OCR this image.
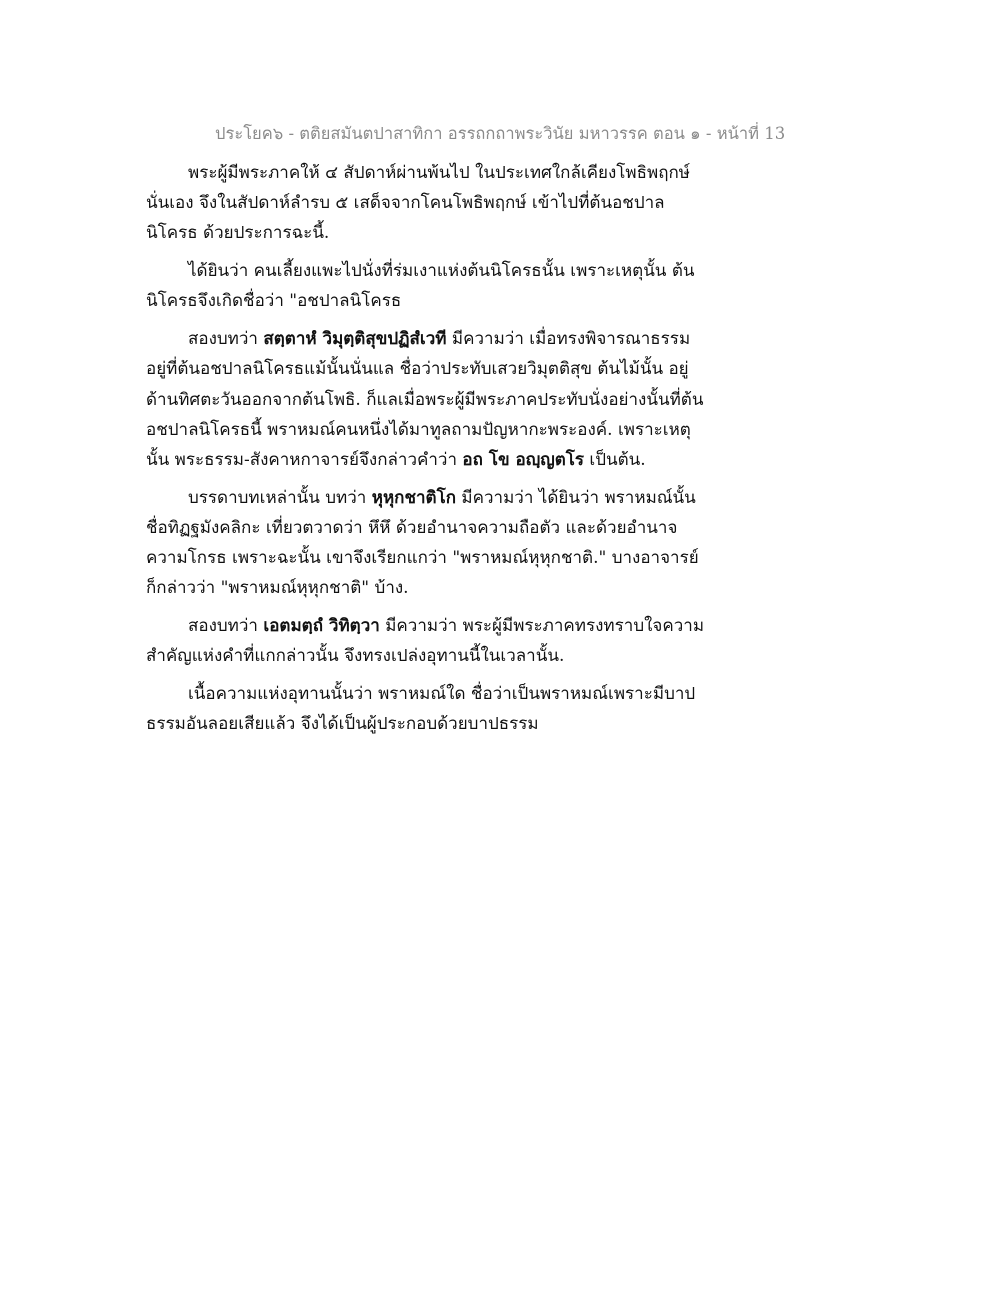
ประโยค๖ - ตติยสมันตปาสาทิกา อรรถกถาพระวินัย มหาวรรค ตอน ๑ - หน้าที่ 13

พระผู้มีพระภาคให้ ๔ สัปดาห์ผ่านพ้นไป ในประเทศใกล้เคียงโพธิพฤกษ์นั่นเอง จึงในสัปดาห์ลำรบ ๕ เสด็จจากโคนโพธิพฤกษ์ เข้าไปที่ต้นอชปาลนิโครธ ด้วยประการฉะนี้.

ได้ยินว่า คนเลี้ยงแพะไปนั่งที่ร่มเงาแห่งต้นนิโครธนั้น เพราะเหตุนั้น ต้นนิโครธจึงเกิดชื่อว่า "อชปาลนิโครธ

สองบทว่า สตฺตาหํ วิมุตฺติสุขปฏิสํเวที มีความว่า เมื่อทรงพิจารณาธรรมอยู่ที่ต้นอชปาลนิโครธแม้นั้นนั่นแล ชื่อว่าประทับเสวยวิมุตติสุข ต้นไม้นั้น อยู่ด้านทิศตะวันออกจากต้นโพธิ. ก็แลเมื่อพระผู้มีพระภาคประทับนั่งอย่างนั้นที่ต้นอชปาลนิโครธนี้ พราหมณ์คนหนึ่งได้มาทูลถามปัญหากะพระองค์. เพราะเหตุนั้น พระธรรม-สังคาหกาจารย์จึงกล่าวคำว่า อถ โข อญฺญตโร เป็นต้น.

บรรดาบทเหล่านั้น บทว่า หุหุกชาติโก มีความว่า ได้ยินว่า พราหมณ์นั้นชื่อทิฏฐมังคลิกะ เที่ยวตวาดว่า หึหึ ด้วยอำนาจความถือตัว และด้วยอำนาจความโกรธ เพราะฉะนั้น เขาจึงเรียกแกว่า "พราหมณ์หุหุกชาติ." บางอาจารย์ก็กล่าวว่า "พราหมณ์หุหุกชาติ" บ้าง.

สองบทว่า เอตมตฺถํ วิทิตฺวา มีความว่า พระผู้มีพระภาคทรงทราบใจความสำคัญแห่งคำที่แกกล่าวนั้น จึงทรงเปล่งอุทานนี้ในเวลานั้น.

เนื้อความแห่งอุทานนั้นว่า พราหมณ์ใด ชื่อว่าเป็นพราหมณ์เพราะมีบาปธรรมอันลอยเสียแล้ว จึงได้เป็นผู้ประกอบด้วยบาปธรรม
